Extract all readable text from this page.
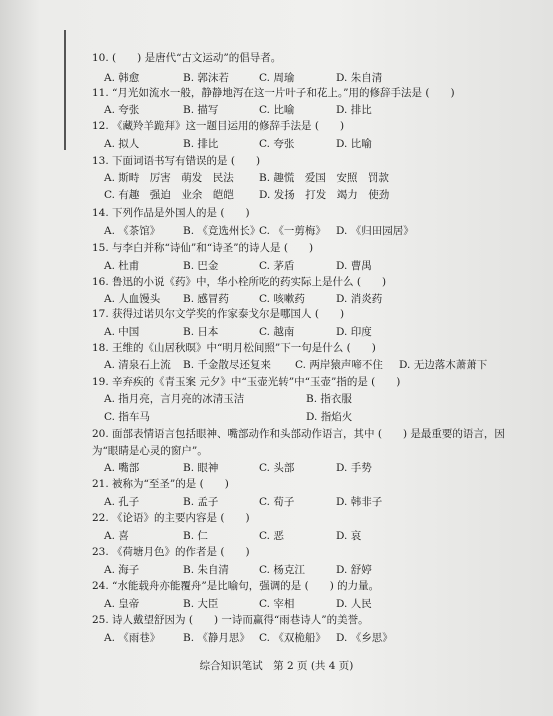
10. (　　) 是唐代“古文运动”的倡导者。
A. 韩愈	B. 郭沫若	C. 周瑜	D. 朱自清
11. “月光如流水一般，静静地泻在这一片叶子和花上。”用的修辞手法是 (　　)
A. 夸张	B. 描写	C. 比喻	D. 排比
12. 《藏羚羊跪拜》这一题目运用的修辞手法是 (　　)
A. 拟人	B. 排比	C. 夸张	D. 比喻
13. 下面词语书写有错误的是 (　　)
A. 斯畤　厉害　萌发　民法 B. 趣慌　爱国　安照　罚款
C. 有趣　强迫　业余　皑皑 D. 发扬　打发　竭力　使劲
14. 下列作品是外国人的是 (　　)
A. 《茶馆》 B. 《竞选州长》
C. 《一剪梅》 D. 《归田园居》
15. 与李白并称“诗仙”和“诗圣”的诗人是 (　　)
A. 杜甫	B. 巴金	C. 茅盾	D. 曹禺
16. 鲁迅的小说《药》中，华小栓所吃的药实际上是什么 (　　)
A. 人血馒头 B. 感冒药	C. 咳嗽药	D. 消炎药
17. 获得过诺贝尔文学奖的作家泰戈尔是哪国人 (　　)
A. 中国	B. 日本	C. 越南	D. 印度
18. 王维的《山居秋暝》中“明月松间照”下一句是什么 (　　)
A. 清泉石上流 B. 千金散尽还复来 C. 两岸猿声啼不住 D. 无边落木萧萧下
19. 辛弃疾的《青玉案 元夕》中“玉壶光转”中“玉壶”指的是 (　　)
A. 指月亮，言月亮的冰清玉洁	B. 指衣服
C. 指车马	D. 指焰火
20. 面部表情语言包括眼神、嘴部动作和头部动作语言，其中 (　　) 是最重要的语言，因
为“眼睛是心灵的窗户”。
A. 嘴部	B. 眼神	C. 头部	D. 手势
21. 被称为“至圣”的是 (　　)
A. 孔子	B. 孟子	C. 荀子	D. 韩非子
22. 《论语》的主要内容是 (　　)
A. 喜	B. 仁	C. 恶	D. 哀
23. 《荷塘月色》的作者是 (　　)
A. 海子	B. 朱自清	C. 杨克江	D. 舒婷
24. “水能载舟亦能覆舟”是比喻句，强调的是 (　　) 的力量。
A. 皇帝	B. 大臣	C. 宰相	D. 人民
25. 诗人戴望舒因为 (　　) 一诗而赢得“雨巷诗人”的美誉。
A. 《雨巷》 B. 《静月思》 C. 《双桅船》 D. 《乡思》
综合知识笔试　第 2 页 (共 4 页)
